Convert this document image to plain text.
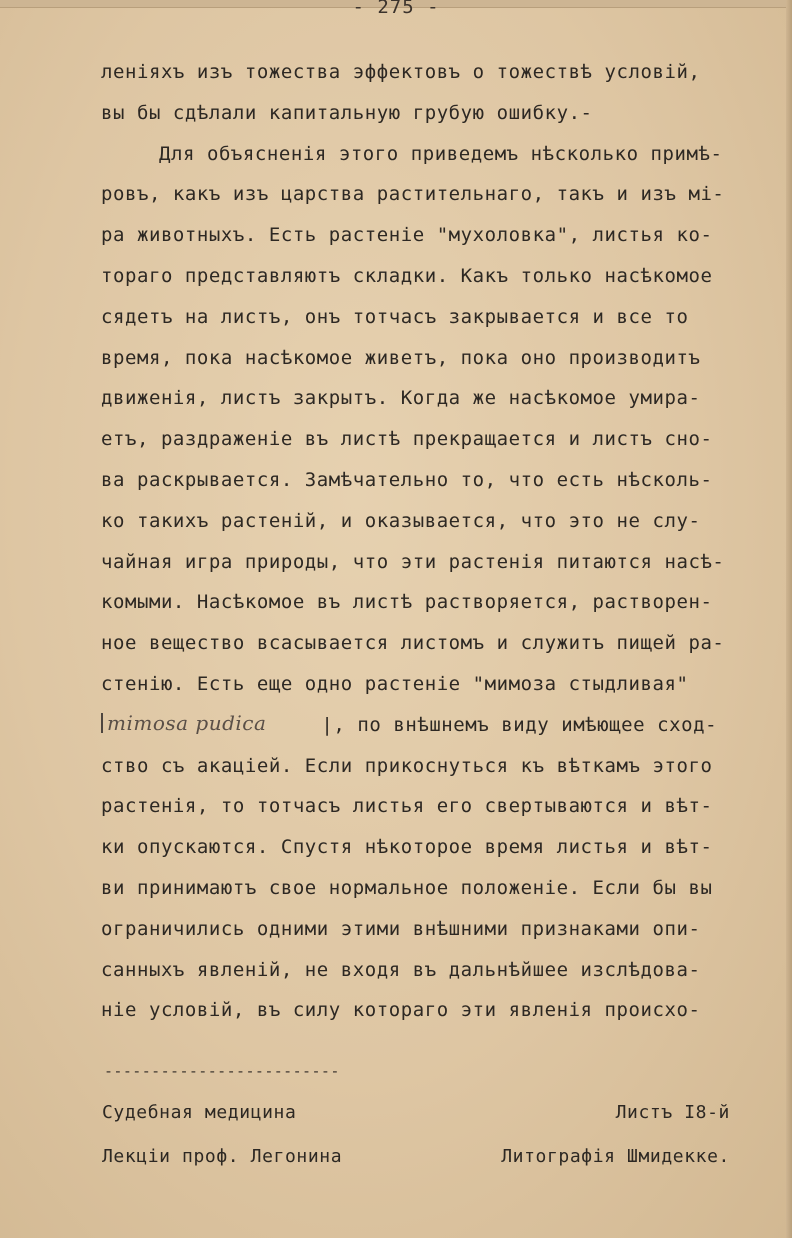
- 275 -
леніяхъ изъ тожества эффектовъ о тожествѣ условій,
вы бы сдѣлали капитальную грубую ошибку.-
Для объясненія этого приведемъ нѣсколько примѣ-
ровъ, какъ изъ царства растительнаго, такъ и изъ мі-
ра животныхъ. Есть растеніе "мухоловка", листья ко-
тораго представляютъ складки. Какъ только насѣкомое
сядетъ на листъ, онъ тотчасъ закрывается и все то
время, пока насѣкомое живетъ, пока оно производитъ
движенія, листъ закрытъ. Когда же насѣкомое умира-
етъ, раздраженіе въ листѣ прекращается и листъ сно-
ва раскрывается. Замѣчательно то, что есть нѣсколь-
ко такихъ растеній, и оказывается, что это не слу-
чайная игра природы, что эти растенія питаются насѣ-
комыми. Насѣкомое въ листѣ растворяется, растворен-
ное вещество всасывается листомъ и служитъ пищей ра-
стенію. Есть еще одно растеніе "мимоза стыдливая"
mimosa pudica	|, по внѣшнемъ виду имѣющее сход-
ство съ акаціей. Если прикоснуться къ вѣткамъ этого
растенія, то тотчасъ листья его свертываются и вѣт-
ки опускаются. Спустя нѣкоторое время листья и вѣт-
ви принимаютъ свое нормальное положеніе. Если бы вы
ограничились одними этими внѣшними признаками опи-
санныхъ явленій, не входя въ дальнѣйшее изслѣдова-
ніе условій, въ силу котораго эти явленія происхо-
-------------------------
Судебная медицина	Листъ I8-й
Лекціи проф. Легонина	Литографія Шмидекке.
